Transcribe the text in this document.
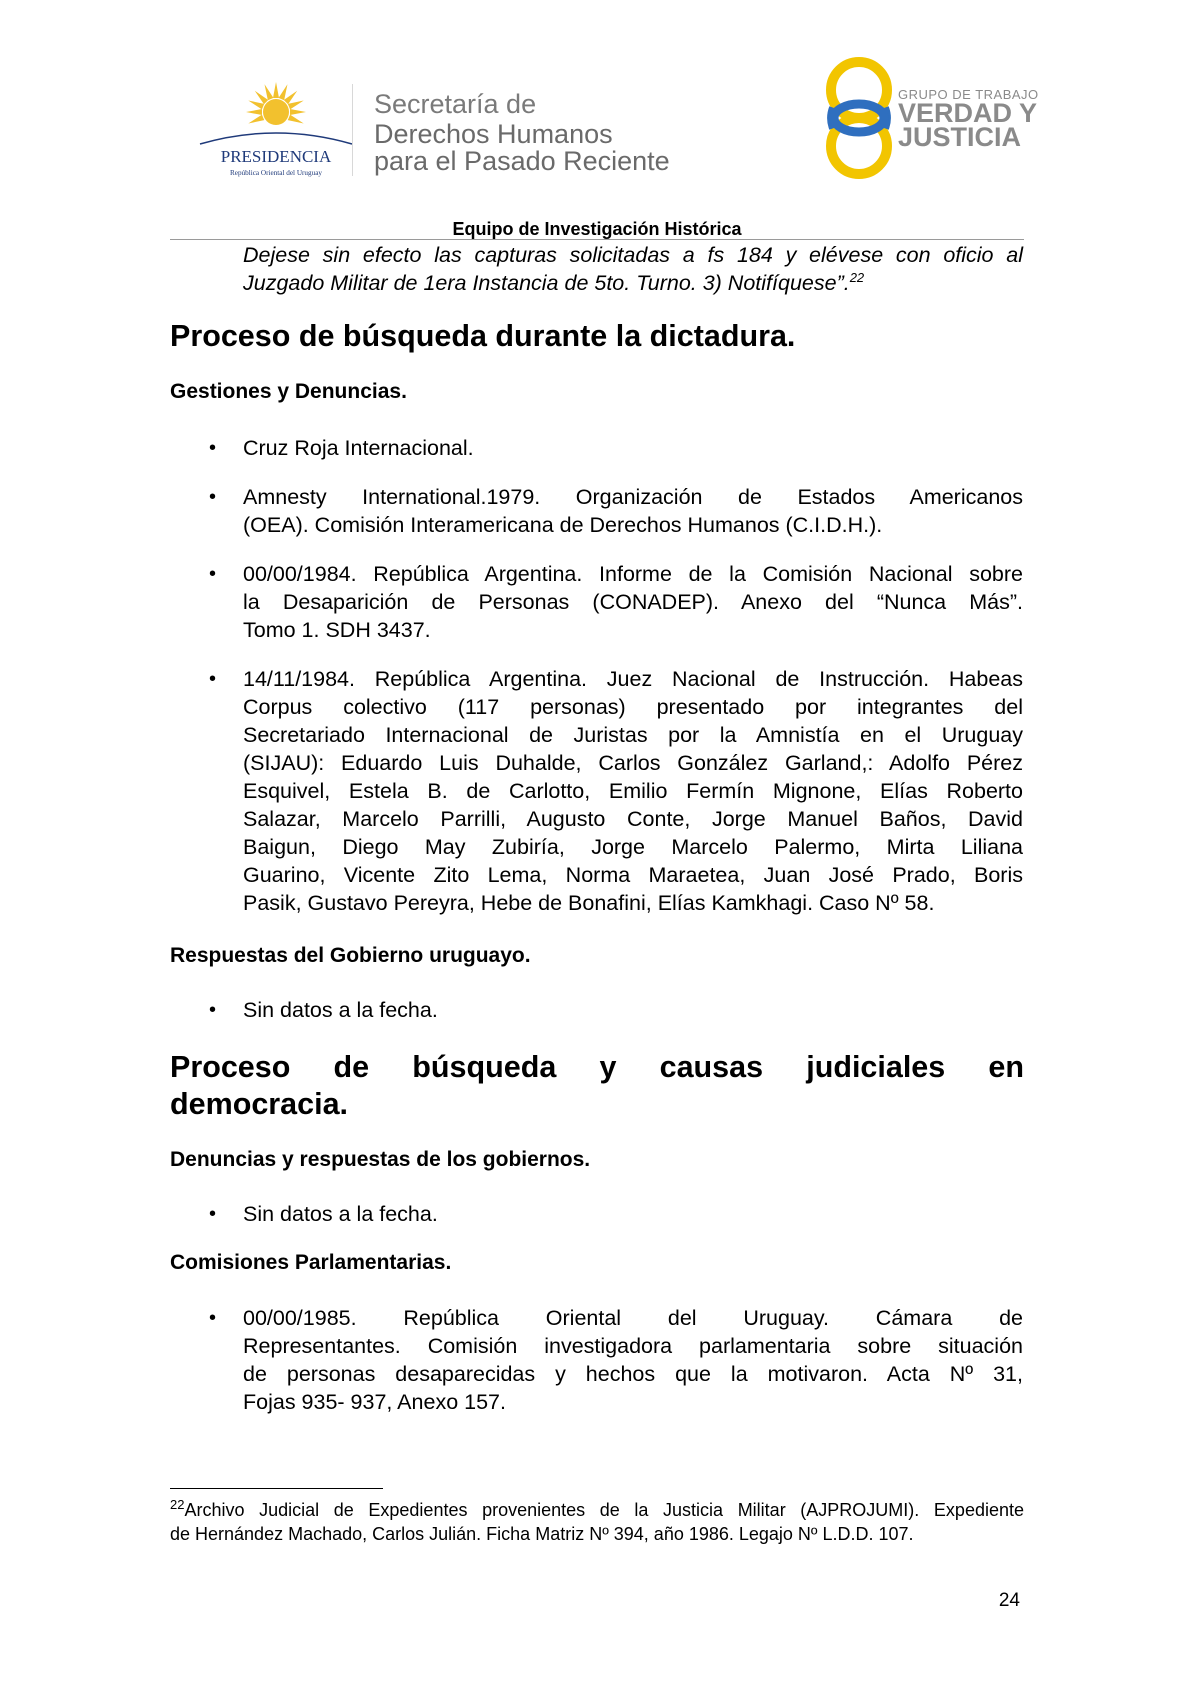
PRESIDENCIA
República Oriental del Uruguay
Secretaría de
Derechos Humanos
para el Pasado Reciente
GRUPO DE TRABAJO
VERDAD Y
JUSTICIA
Equipo de Investigación Histórica
Dejese sin efecto las capturas solicitadas a fs 184 y elévese con oficio al
Juzgado Militar de 1era Instancia de 5to. Turno. 3) Notifíquese”.$^{22}$
Proceso de búsqueda durante la dictadura.
Gestiones y Denuncias.
• Cruz Roja Internacional.
• Amnesty International.1979. Organización de Estados Americanos
(OEA). Comisión Interamericana de Derechos Humanos (C.I.D.H.).
• 00/00/1984. República Argentina. Informe de la Comisión Nacional sobre
la Desaparición de Personas (CONADEP). Anexo del “Nunca Más”.
Tomo 1. SDH 3437.
• 14/11/1984. República Argentina. Juez Nacional de Instrucción. Habeas
Corpus colectivo (117 personas) presentado por integrantes del
Secretariado Internacional de Juristas por la Amnistía en el Uruguay
(SIJAU): Eduardo Luis Duhalde, Carlos González Garland,: Adolfo Pérez
Esquivel, Estela B. de Carlotto, Emilio Fermín Mignone, Elías Roberto
Salazar, Marcelo Parrilli, Augusto Conte, Jorge Manuel Baños, David
Baigun, Diego May Zubiría, Jorge Marcelo Palermo, Mirta Liliana
Guarino, Vicente Zito Lema, Norma Maraetea, Juan José Prado, Boris
Pasik, Gustavo Pereyra, Hebe de Bonafini, Elías Kamkhagi. Caso Nº 58.
Respuestas del Gobierno uruguayo.
• Sin datos a la fecha.
Proceso de búsqueda y causas judiciales en
democracia.
Denuncias y respuestas de los gobiernos.
• Sin datos a la fecha.
Comisiones Parlamentarias.
• 00/00/1985. República Oriental del Uruguay. Cámara de
Representantes. Comisión investigadora parlamentaria sobre situación
de personas desaparecidas y hechos que la motivaron. Acta Nº 31,
Fojas 935- 937, Anexo 157.
$^{22}$Archivo Judicial de Expedientes provenientes de la Justicia Militar (AJPROJUMI). Expediente
de Hernández Machado, Carlos Julián. Ficha Matriz Nº 394, año 1986. Legajo Nº L.D.D. 107.
24
